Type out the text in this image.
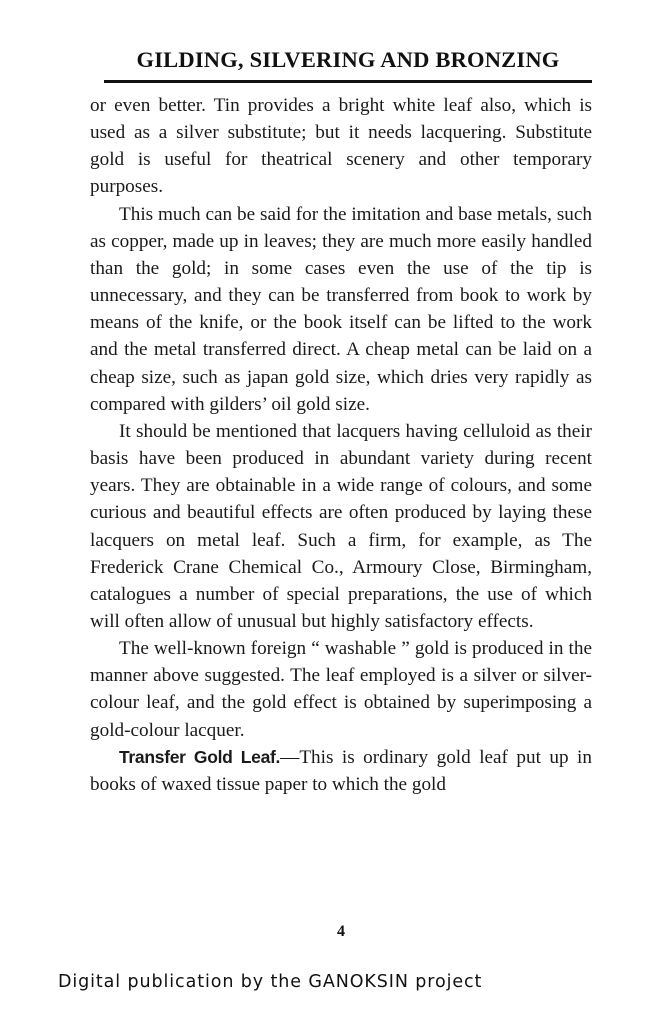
GILDING, SILVERING AND BRONZING

or even better. Tin provides a bright white leaf also, which is used as a silver substitute; but it needs lacquering. Substitute gold is useful for theatrical scenery and other temporary purposes.

This much can be said for the imitation and base metals, such as copper, made up in leaves; they are much more easily handled than the gold; in some cases even the use of the tip is unnecessary, and they can be transferred from book to work by means of the knife, or the book itself can be lifted to the work and the metal transferred direct. A cheap metal can be laid on a cheap size, such as japan gold size, which dries very rapidly as compared with gilders’ oil gold size.

It should be mentioned that lacquers having celluloid as their basis have been produced in abundant variety during recent years. They are obtainable in a wide range of colours, and some curious and beautiful effects are often produced by laying these lacquers on metal leaf. Such a firm, for example, as The Frederick Crane Chemical Co., Armoury Close, Birmingham, catalogues a number of special preparations, the use of which will often allow of unusual but highly satisfactory effects.

The well-known foreign “ washable ” gold is produced in the manner above suggested. The leaf employed is a silver or silver-colour leaf, and the gold effect is obtained by superimposing a gold-colour lacquer.

Transfer Gold Leaf.—This is ordinary gold leaf put up in books of waxed tissue paper to which the gold

4
Digital publication by the GANOKSIN project
